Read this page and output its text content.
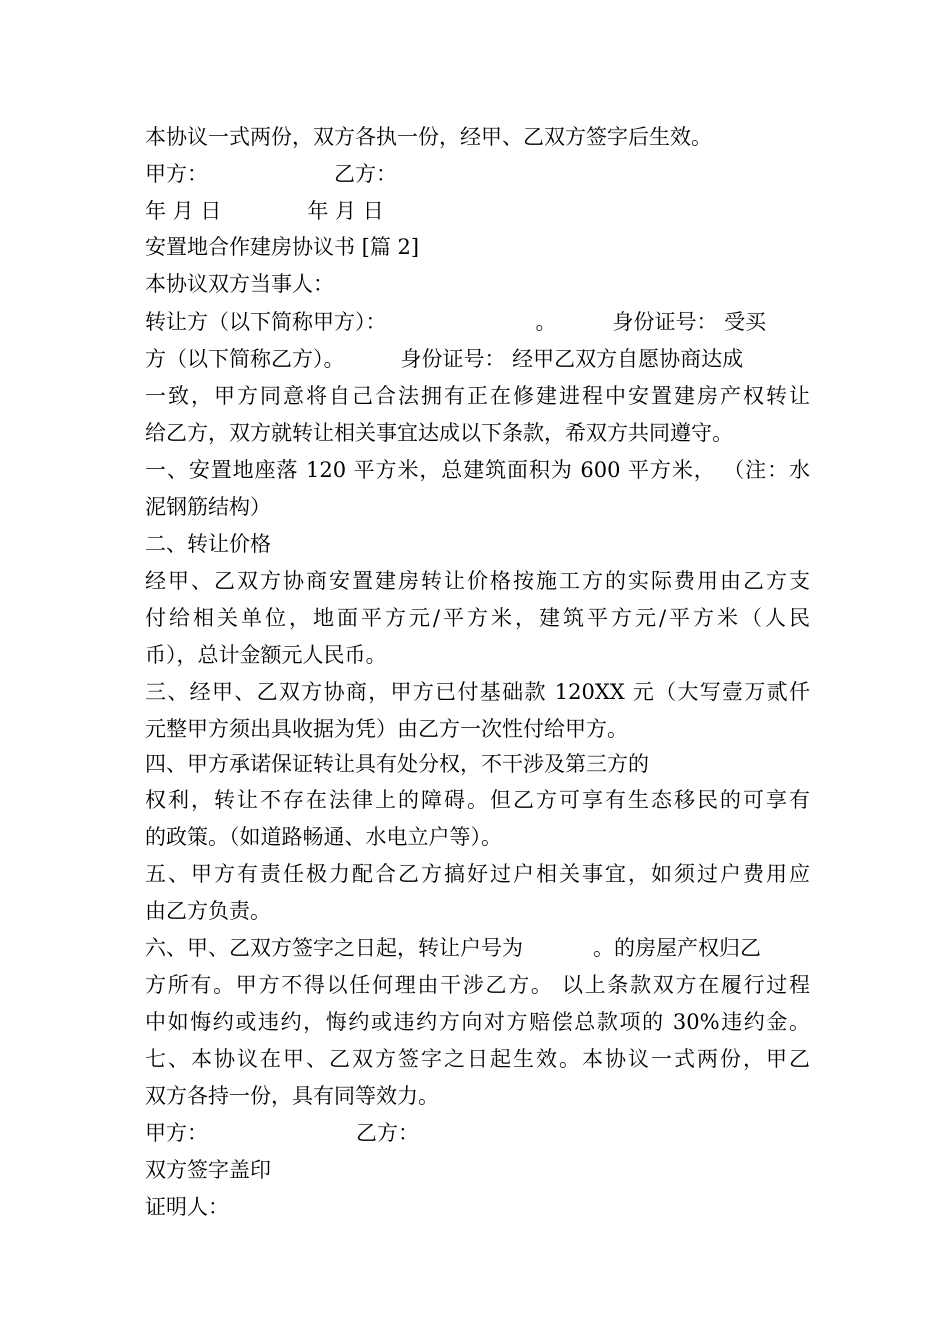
本协议一式两份，双方各执一份，经甲、乙双方签字后生效。
甲方：	乙方：
年 月 日	年 月 日
安置地合作建房协议书 [篇 2]
本协议双方当事人：
转让方（以下简称甲方）：	。	身份证号： 受买
方（以下简称乙方）。	身份证号： 经甲乙双方自愿协商达成
一致，甲方同意将自己合法拥有正在修建进程中安置建房产权转让
给乙方，双方就转让相关事宜达成以下条款，希双方共同遵守。
一、安置地座落 120 平方米，总建筑面积为 600 平方米， （注：水
泥钢筋结构）
二、转让价格
经甲、乙双方协商安置建房转让价格按施工方的实际费用由乙方支
付给相关单位，地面平方元/平方米，建筑平方元/平方米（人民
币），总计金额元人民币。
三、经甲、乙双方协商，甲方已付基础款 120XX 元（大写壹万贰仟
元整甲方须出具收据为凭）由乙方一次性付给甲方。
四、甲方承诺保证转让具有处分权，不干涉及第三方的
权利，转让不存在法律上的障碍。但乙方可享有生态移民的可享有
的政策。（如道路畅通、水电立户等）。
五、甲方有责任极力配合乙方搞好过户相关事宜，如须过户费用应
由乙方负责。
六、甲、乙双方签字之日起，转让户号为	。的房屋产权归乙
方所有。甲方不得以任何理由干涉乙方。 以上条款双方在履行过程
中如悔约或违约，悔约或违约方向对方赔偿总款项的 30%违约金。
七、本协议在甲、乙双方签字之日起生效。本协议一式两份，甲乙
双方各持一份，具有同等效力。
甲方：	乙方：
双方签字盖印
证明人：
